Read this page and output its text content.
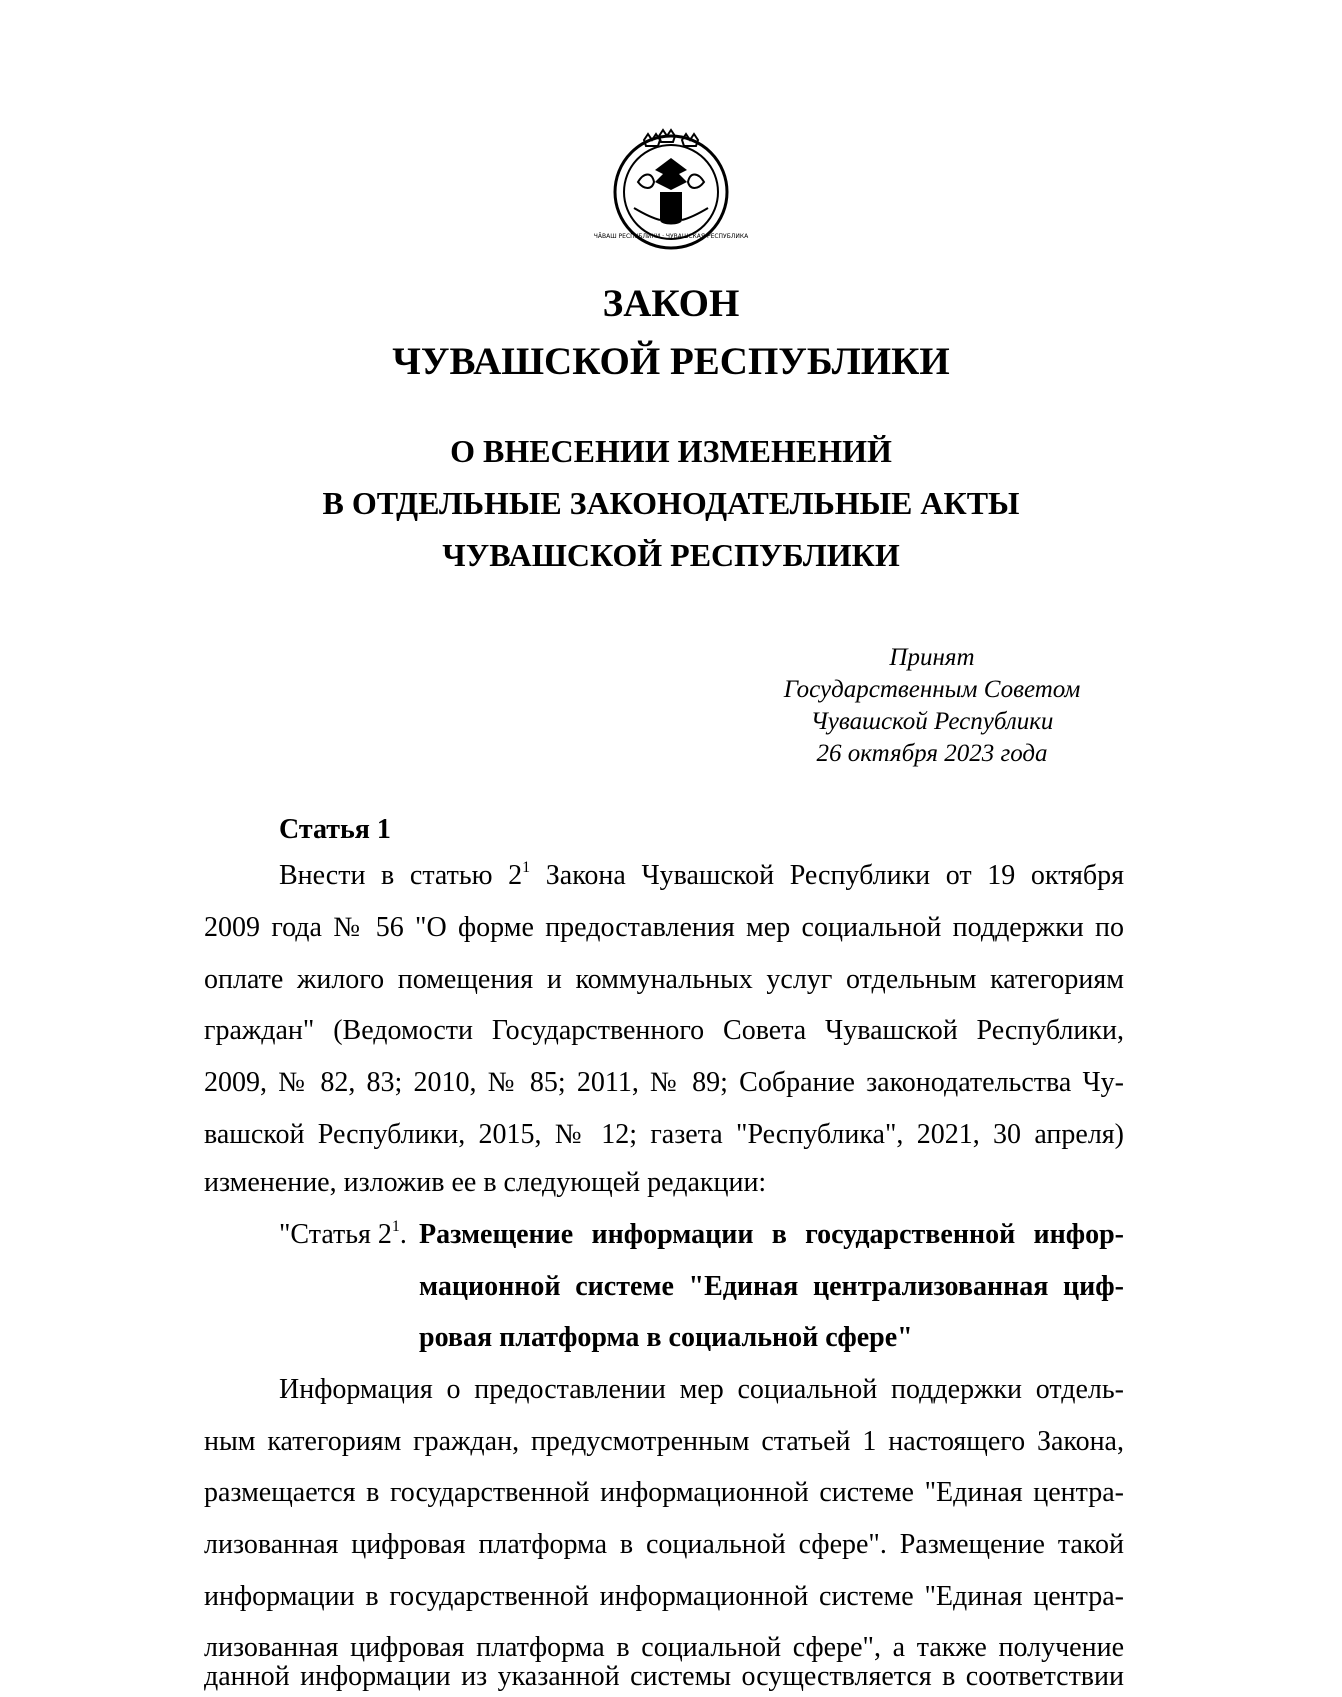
ЧĂВАШ РЕСПУБЛИКИ · ЧУВАШСКАЯ РЕСПУБЛИКА
ЗАКОН
ЧУВАШСКОЙ РЕСПУБЛИКИ
О ВНЕСЕНИИ ИЗМЕНЕНИЙ
В ОТДЕЛЬНЫЕ ЗАКОНОДАТЕЛЬНЫЕ АКТЫ
ЧУВАШСКОЙ РЕСПУБЛИКИ
Принят
Государственным Советом
Чувашской Республики
26 октября 2023 года
Статья 1
Внести в статью $2^1$ Закона Чувашской Республики от 19 октября
2009 года № 56 "О форме предоставления мер социальной поддержки по
оплате жилого помещения и коммунальных услуг отдельным категориям
граждан" (Ведомости Государственного Совета Чувашской Республики,
2009, № 82, 83; 2010, № 85; 2011, № 89; Собрание законодательства Чу-
вашской Республики, 2015, № 12; газета "Республика", 2021, 30 апреля)
изменение, изложив ее в следующей редакции:
"Статья $2^1$. Размещение информации в государственной инфор-
мационной системе "Единая централизованная циф-
ровая платформа в социальной сфере"
Информация о предоставлении мер социальной поддержки отдель-
ным категориям граждан, предусмотренным статьей 1 настоящего Закона,
размещается в государственной информационной системе "Единая центра-
лизованная цифровая платформа в социальной сфере". Размещение такой
информации в государственной информационной системе "Единая центра-
лизованная цифровая платформа в социальной сфере", а также получение
данной информации из указанной системы осуществляется в соответствии
